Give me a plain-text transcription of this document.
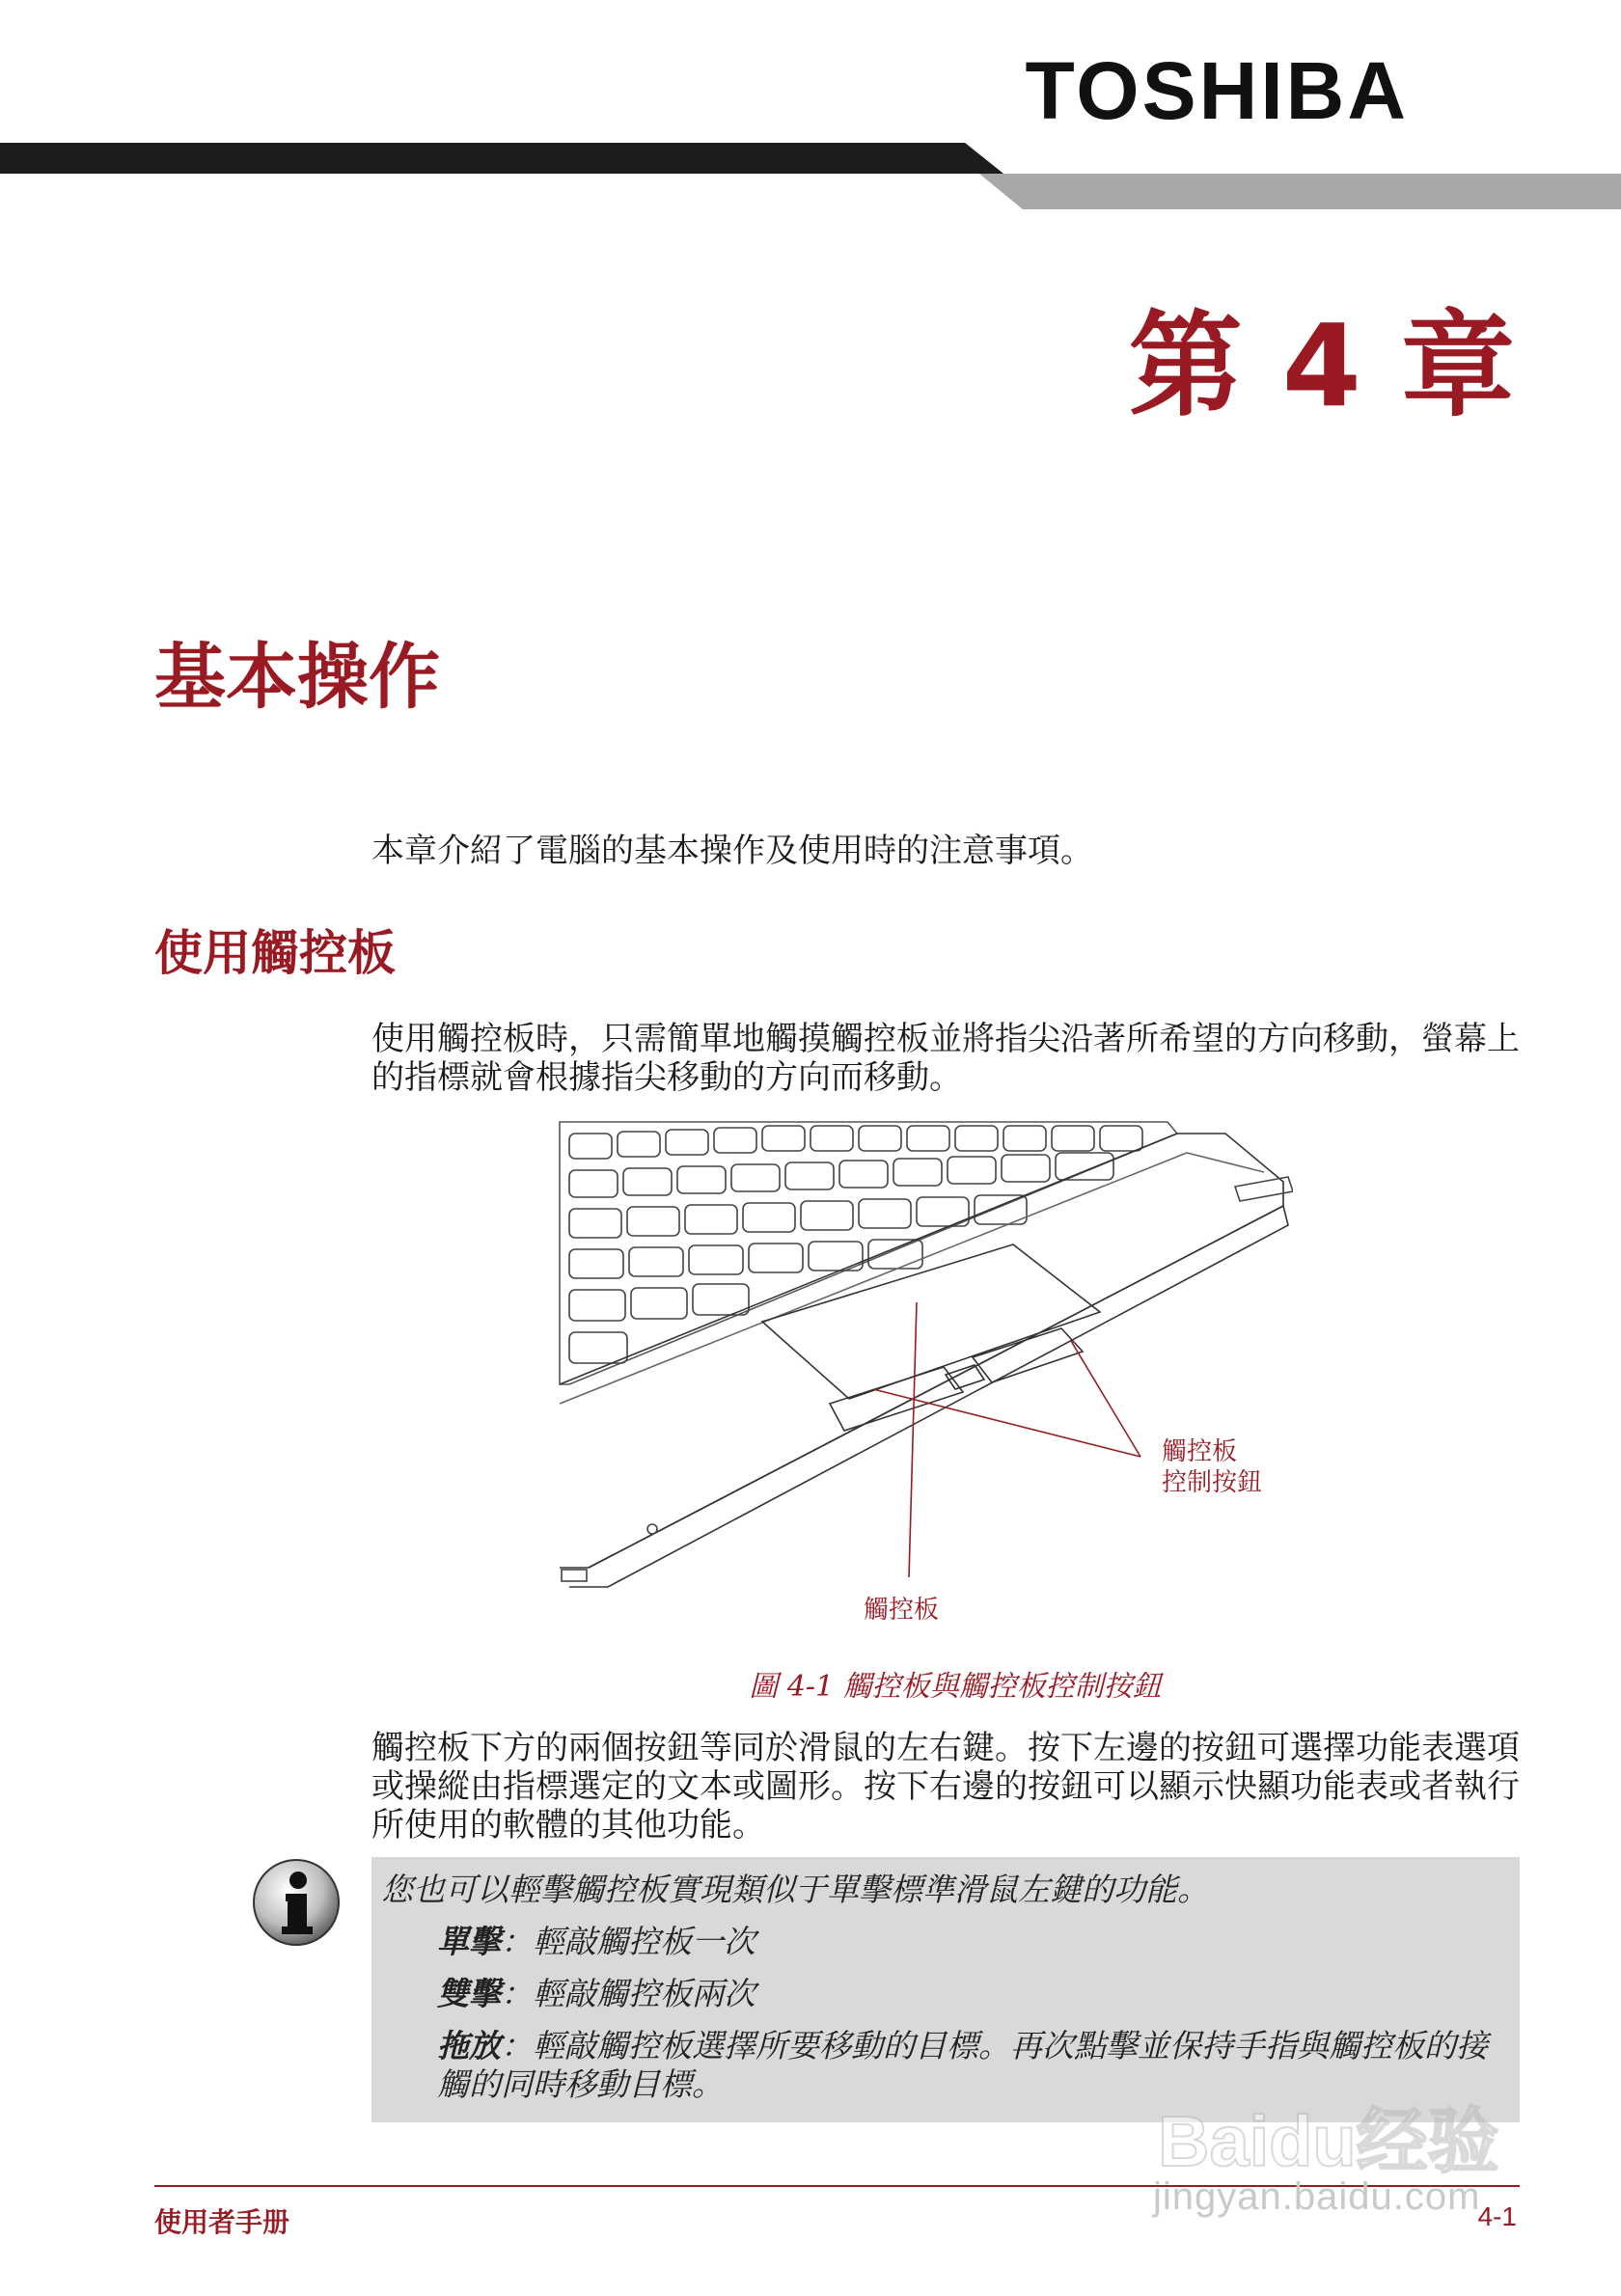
TOSHIBA
第 4 章
基本操作
本章介紹了電腦的基本操作及使用時的注意事項。
使用觸控板
使用觸控板時，只需簡單地觸摸觸控板並將指尖沿著所希望的方向移動，螢幕上的指標就會根據指尖移動的方向而移動。
觸控板
控制按鈕
觸控板
圖 4-1 觸控板與觸控板控制按鈕
觸控板下方的兩個按鈕等同於滑鼠的左右鍵。按下左邊的按鈕可選擇功能表選項或操縱由指標選定的文本或圖形。按下右邊的按鈕可以顯示快顯功能表或者執行所使用的軟體的其他功能。
您也可以輕擊觸控板實現類似于單擊標準滑鼠左鍵的功能。
單擊：輕敲觸控板一次
雙擊：輕敲觸控板兩次
拖放：輕敲觸控板選擇所要移動的目標。再次點擊並保持手指與觸控板的接觸的同時移動目標。
Baidu经验
使用者手册
jingyan.baidu.com
4-1
